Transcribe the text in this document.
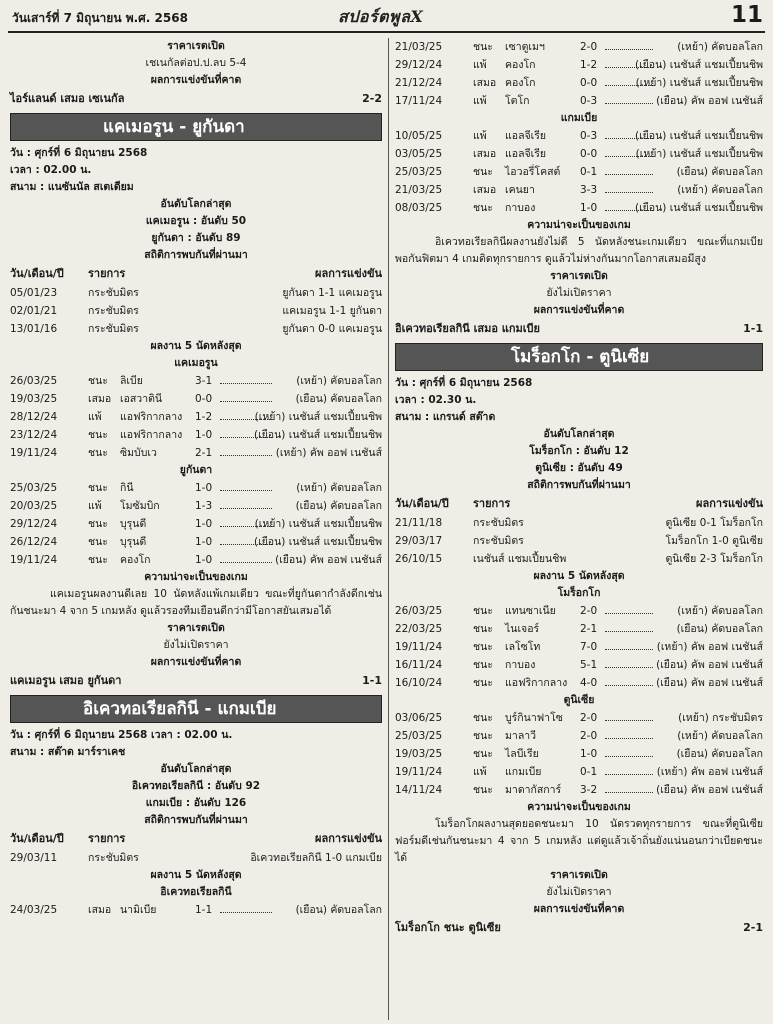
วันเสาร์ที่ 7 มิถุนายน พ.ศ. 2568	สปอร์ตพูลX	11
ราคาเรตเปิด
เชเนกัลต่อป.ป.ลบ 5-4
ผลการแข่งขันที่คาด
ไอร์แลนด์ เสมอ เซเนกัล	2-2
แคเมอรูน - ยูกันดา
วัน : ศุกร์ที่ 6 มิถุนายน 2568
เวลา : 02.00 น.
สนาม : แนซันนัล สเตเดียม
อันดับโลกล่าสุด
แคเมอรูน : อันดับ 50
ยูกันดา : อันดับ 89
สถิติการพบกันที่ผ่านมา
วัน/เดือน/ปี รายการ	ผลการแข่งขัน
05/01/23	กระชับมิตร	ยูกันดา 1-1 แคเมอรูน
02/01/21	กระชับมิตร	แคเมอรูน 1-1 ยูกันดา
13/01/16	กระชับมิตร	ยูกันดา 0-0 แคเมอรูน
ผลงาน 5 นัดหลังสุด
แคเมอรูน
26/03/25	ชนะ	ลิเบีย	3-1	(เหย้า) คัดบอลโลก
19/03/25	เสมอ เอสวาตินี	0-0	(เยือน) คัดบอลโลก
28/12/24	แพ้	แอฟริกากลาง	1-2	(เหย้า) เนชันส์ แชมเปี้ยนชิพ
23/12/24	ชนะ	แอฟริกากลาง	1-0	(เยือน) เนชันส์ แชมเปี้ยนชิพ
19/11/24	ชนะ	ซิมบับเว	2-1	(เหย้า) คัพ ออฟ เนชันส์
ยูกันดา
25/03/25	ชนะ	กินี	1-0	(เหย้า) คัดบอลโลก
20/03/25	แพ้	โมซัมบิก	1-3	(เยือน) คัดบอลโลก
29/12/24	ชนะ	บุรุนดี	1-0	(เหย้า) เนชันส์ แชมเปี้ยนชิพ
26/12/24	ชนะ	บุรุนดี	1-0	(เยือน) เนชันส์ แชมเปี้ยนชิพ
19/11/24	ชนะ	คองโก	1-0	(เยือน) คัพ ออฟ เนชันส์
ความน่าจะเป็นของเกม
แคเมอรูนผลงานดีเลย 10 นัดหลังแพ้เกมเดียว ขณะที่ยูกันดากำลังดีกเช่นกันชนะมา 4 จาก 5 เกมหลัง ดูแล้วรองทีมเยือนดีกว่ามีโอกาสยันเสมอได้
ราคาเรตเปิด
ยังไม่เปิดราคา
ผลการแข่งขันที่คาด
แคเมอรูน เสมอ ยูกันดา	1-1
อิเควทอเรียลกินี - แกมเบีย
วัน : ศุกร์ที่ 6 มิถุนายน 2568 เวลา : 02.00 น.
สนาม : สต๊าด มาร์ราเคช
อันดับโลกล่าสุด
อิเควทอเรียลกินี : อันดับ 92
แกมเบีย : อันดับ 126
สถิติการพบกันที่ผ่านมา
วัน/เดือน/ปี รายการ	ผลการแข่งขัน
29/03/11	กระชับมิตร	อิเควทอเรียลกินี 1-0 แกมเบีย
ผลงาน 5 นัดหลังสุด
อิเควทอเรียลกินี
24/03/25	เสมอ นามิเบีย	1-1	(เยือน) คัดบอลโลก
21/03/25	ชนะ	เซาตูเมฯ	2-0	(เหย้า) คัดบอลโลก
29/12/24	แพ้	คองโก	1-2	(เยือน) เนชันส์ แชมเปี้ยนชิพ
21/12/24	เสมอ คองโก	0-0	(เหย้า) เนชันส์ แชมเปี้ยนชิพ
17/11/24	แพ้	โตโก	0-3	(เยือน) คัพ ออฟ เนชันส์
แกมเบีย
10/05/25	แพ้	แอลจีเรีย	0-3	(เยือน) เนชันส์ แชมเปี้ยนชิพ
03/05/25	เสมอ แอลจีเรีย	0-0	(เหย้า) เนชันส์ แชมเปี้ยนชิพ
25/03/25	ชนะ	ไอวอรี่โคสต์	0-1	(เยือน) คัดบอลโลก
21/03/25	เสมอ เคนยา	3-3	(เหย้า) คัดบอลโลก
08/03/25	ชนะ	กาบอง	1-0	(เยือน) เนชันส์ แชมเปี้ยนชิพ
ความน่าจะเป็นของเกม
อิเควทอเรียลกินีผลงานยังไม่ดี 5 นัดหลังชนะเกมเดียว ขณะที่แกมเบียพอกันฟิตมา 4 เกมติดทุกรายการ ดูแล้วไม่ห่างกันมากโอกาสเสมอมีสูง
ราคาเรตเปิด
ยังไม่เปิดราคา
ผลการแข่งขันที่คาด
อิเควทอเรียลกินี เสมอ แกมเบีย	1-1
โมร็อกโก - ตูนิเซีย
วัน : ศุกร์ที่ 6 มิถุนายน 2568
เวลา : 02.30 น.
สนาม : แกรนด์ สต๊าด
อันดับโลกล่าสุด
โมร็อกโก : อันดับ 12
ตูนิเซีย : อันดับ 49
สถิติการพบกันที่ผ่านมา
วัน/เดือน/ปี รายการ	ผลการแข่งขัน
21/11/18	กระชับมิตร	ตูนิเซีย 0-1 โมร็อกโก
29/03/17	กระชับมิตร	โมร็อกโก 1-0 ตูนิเซีย
26/10/15	เนชันส์ แชมเปี้ยนชิพ	ตูนิเซีย 2-3 โมร็อกโก
ผลงาน 5 นัดหลังสุด
โมร็อกโก
26/03/25	ชนะ	แทนซาเนีย	2-0	(เหย้า) คัดบอลโลก
22/03/25	ชนะ	ไนเจอร์	2-1	(เยือน) คัดบอลโลก
19/11/24	ชนะ	เลโซโท	7-0	(เหย้า) คัพ ออฟ เนชันส์
16/11/24	ชนะ	กาบอง	5-1	(เยือน) คัพ ออฟ เนชันส์
16/10/24	ชนะ	แอฟริกากลาง	4-0	(เยือน) คัพ ออฟ เนชันส์
ตูนิเซีย
03/06/25	ชนะ	บูร์กินาฟาโซ	2-0	(เหย้า) กระชับมิตร
25/03/25	ชนะ	มาลาวี	2-0	(เหย้า) คัดบอลโลก
19/03/25	ชนะ	ไลบีเรีย	1-0	(เยือน) คัดบอลโลก
19/11/24	แพ้	แกมเบีย	0-1	(เหย้า) คัพ ออฟ เนชันส์
14/11/24	ชนะ	มาดากัสการ์	3-2	(เยือน) คัพ ออฟ เนชันส์
ความน่าจะเป็นของเกม
โมร็อกโกผลงานสุดยอดชนะมา 10 นัดรวดทุกรายการ ขณะที่ตูนิเซียฟอร์มดีเช่นกันชนะมา 4 จาก 5 เกมหลัง แต่ดูแล้วเจ้าถิ่นยังแน่นอนกว่าเบียดชนะได้
ราคาเรตเปิด
ยังไม่เปิดราคา
ผลการแข่งขันที่คาด
โมร็อกโก ชนะ ตูนิเซีย	2-1
